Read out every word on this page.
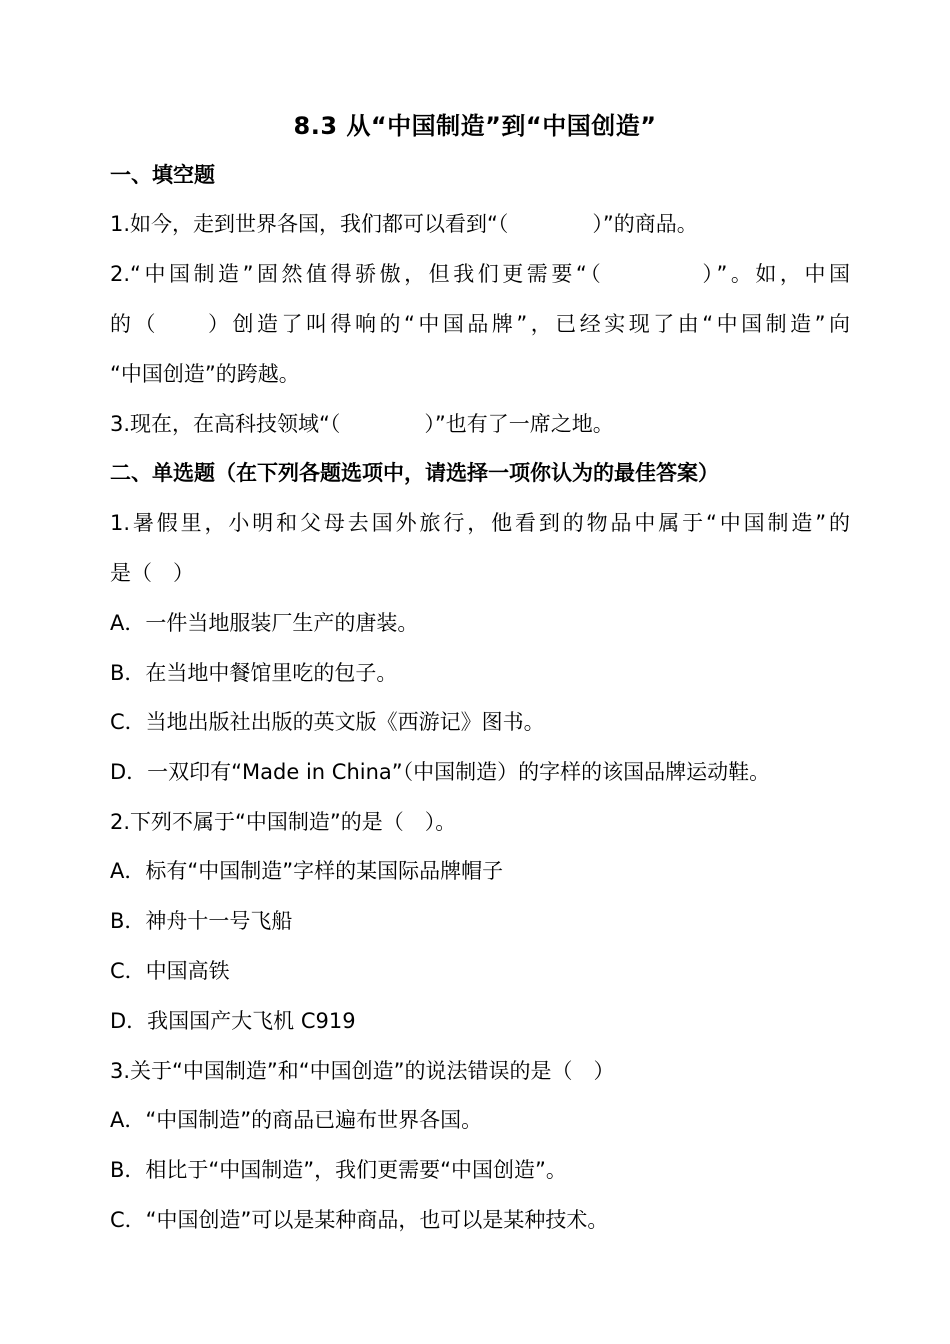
8.3 从“中国制造”到“中国创造”
一、填空题
1.如今，走到世界各国，我们都可以看到“（　　　　）”的商品。
2.“中国制造”固然值得骄傲，但我们更需要“（　　　　）”。如，中国
的（　　）创造了叫得响的“中国品牌”，已经实现了由“中国制造”向
“中国创造”的跨越。
3.现在，在高科技领域“（　　　　）”也有了一席之地。
二、单选题（在下列各题选项中，请选择一项你认为的最佳答案）
1.暑假里，小明和父母去国外旅行，他看到的物品中属于“中国制造”的
是（　）
A．一件当地服装厂生产的唐装。
B．在当地中餐馆里吃的包子。
C．当地出版社出版的英文版《西游记》图书。
D．一双印有“Made in China”（中国制造）的字样的该国品牌运动鞋。
2.下列不属于“中国制造”的是（　）。
A．标有“中国制造”字样的某国际品牌帽子
B．神舟十一号飞船
C．中国高铁
D．我国国产大飞机 C919
3.关于“中国制造”和“中国创造”的说法错误的是（　）
A．“中国制造”的商品已遍布世界各国。
B．相比于“中国制造”，我们更需要“中国创造”。
C．“中国创造”可以是某种商品，也可以是某种技术。
